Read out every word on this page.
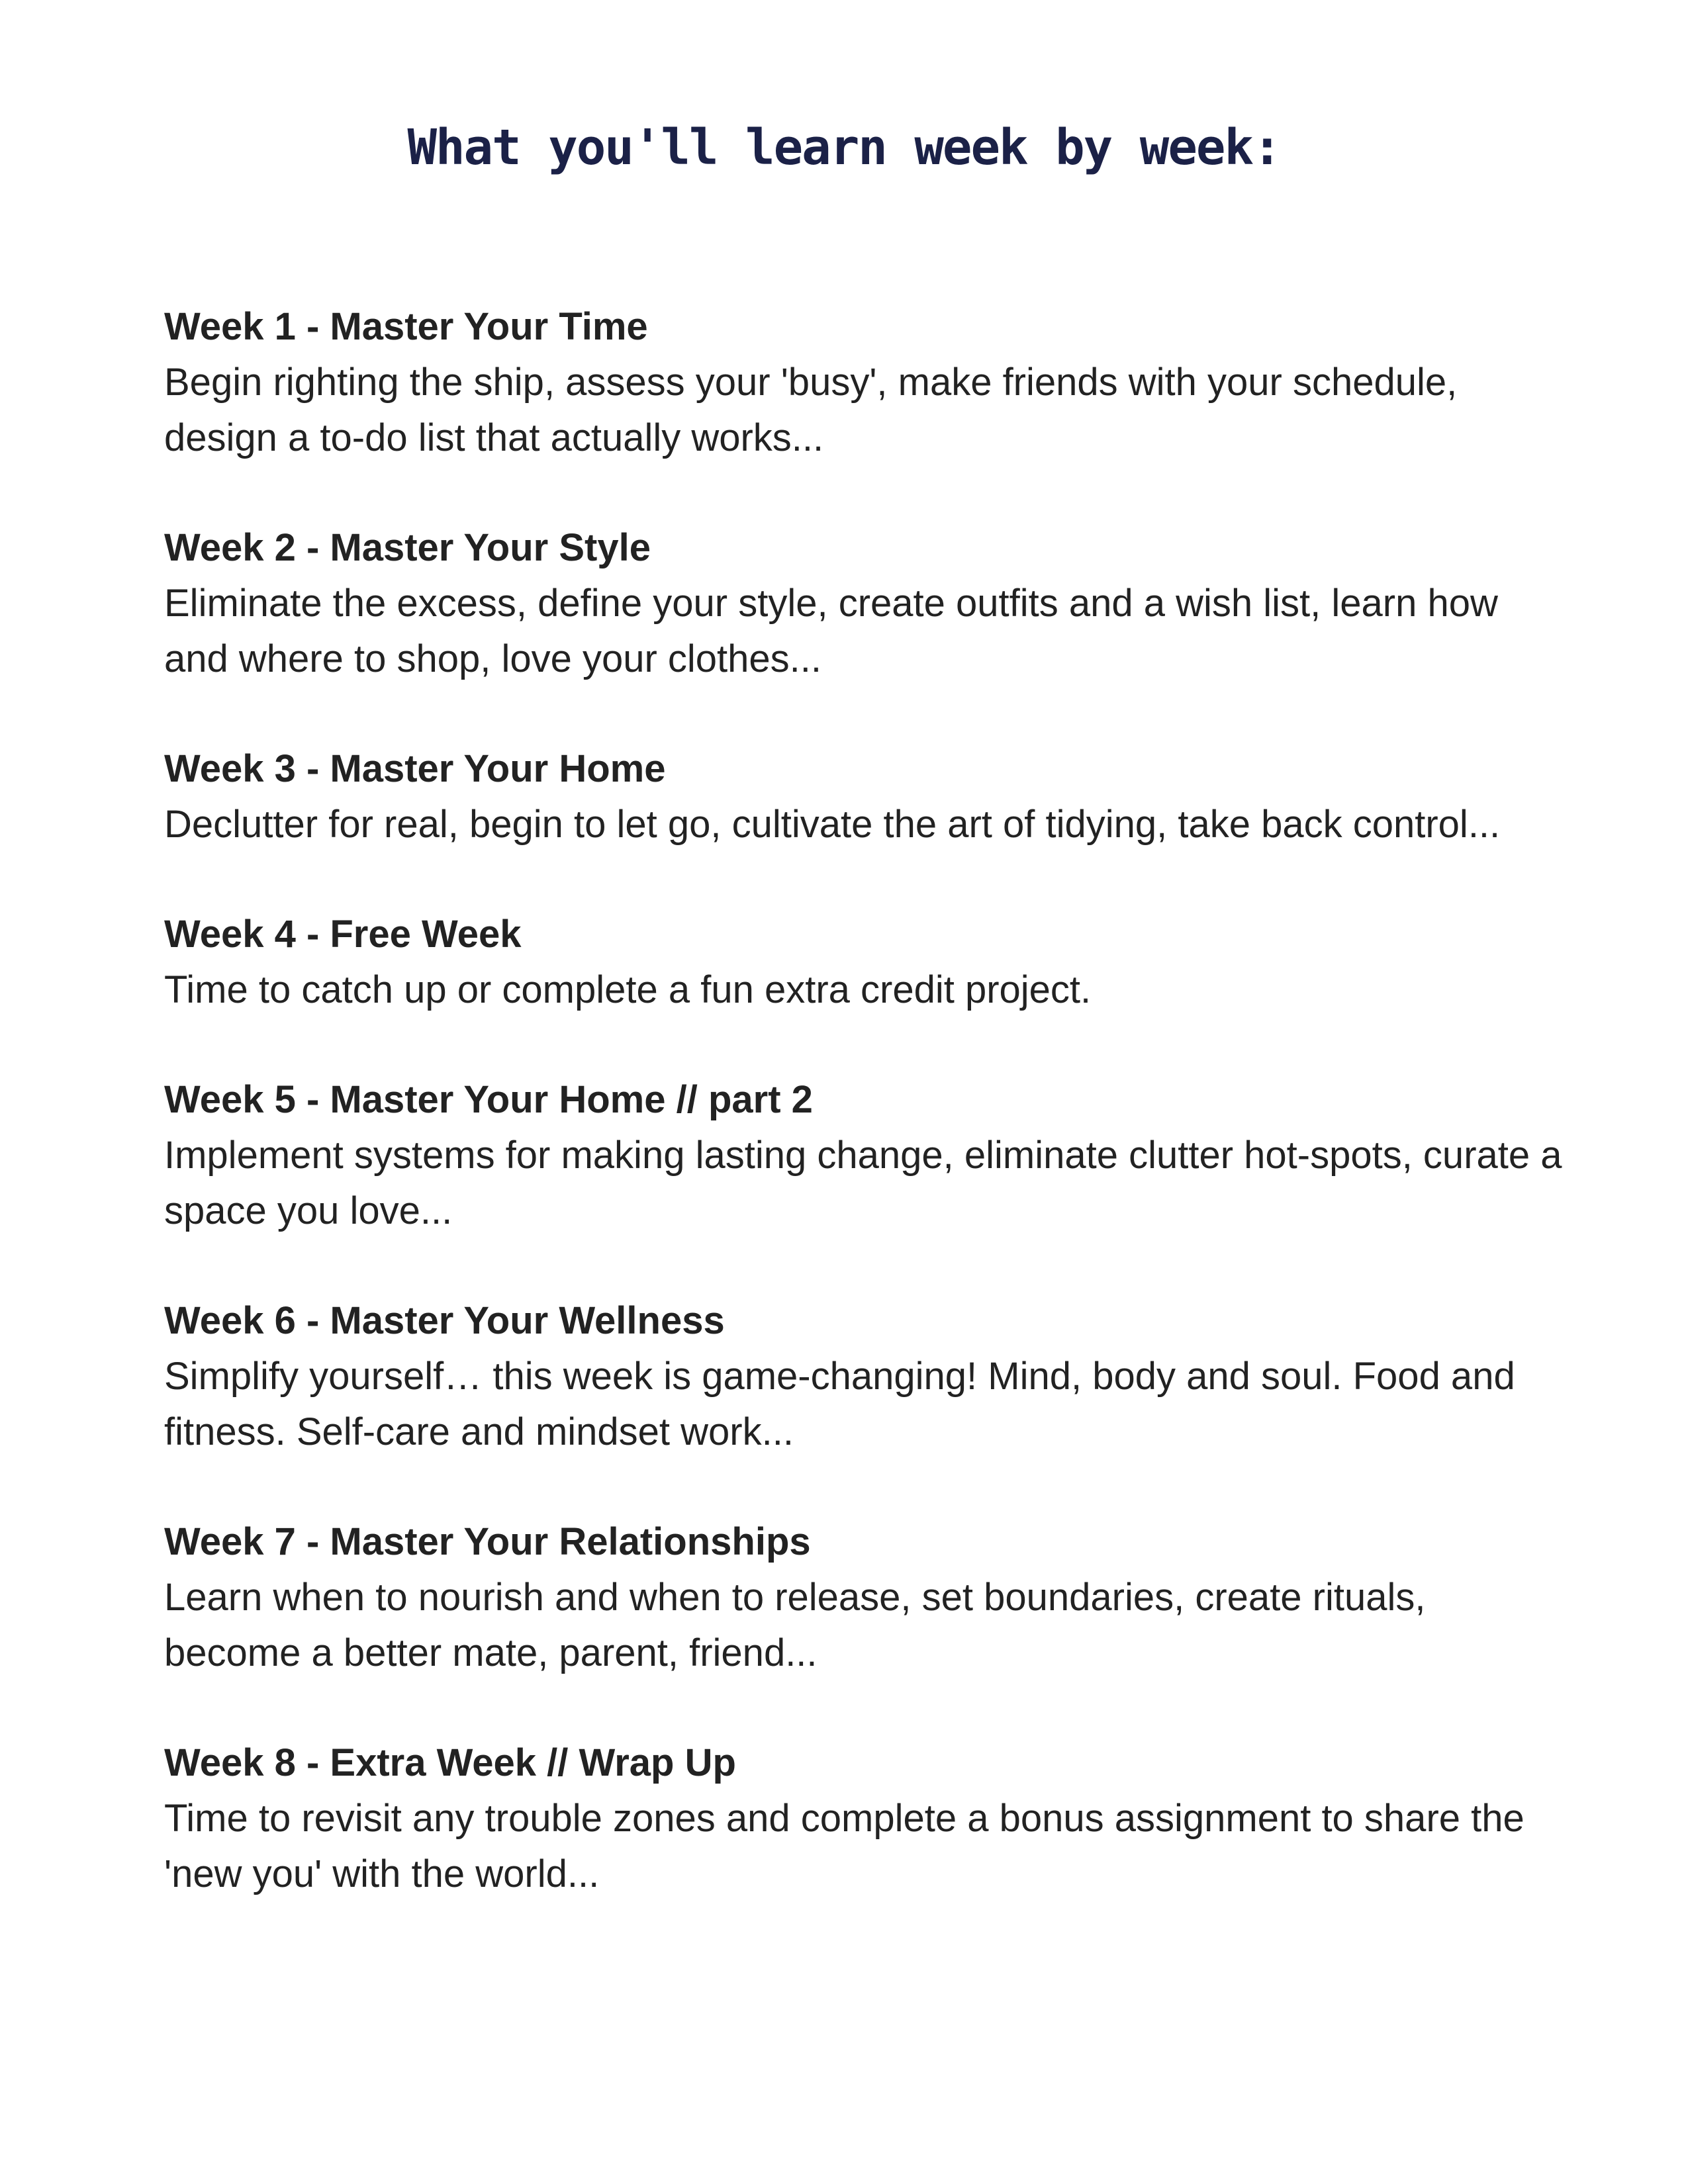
What you'll learn week by week:

Week 1 - Master Your Time

Begin righting the ship, assess your 'busy', make friends with your schedule, design a to-do list that actually works...

Week 2 - Master Your Style

Eliminate the excess, define your style, create outfits and a wish list, learn how and where to shop, love your clothes...

Week 3 - Master Your Home

Declutter for real, begin to let go, cultivate the art of tidying, take back control...

Week 4 - Free Week

Time to catch up or complete a fun extra credit project.

Week 5 - Master Your Home // part 2

Implement systems for making lasting change, eliminate clutter hot-spots, curate a space you love...

Week 6 - Master Your Wellness

Simplify yourself… this week is game-changing! Mind, body and soul. Food and fitness. Self-care and mindset work...

Week 7 - Master Your Relationships

Learn when to nourish and when to release, set boundaries, create rituals, become a better mate, parent, friend...

Week 8 - Extra Week // Wrap Up

Time to revisit any trouble zones and complete a bonus assignment to share the 'new you' with the world...
